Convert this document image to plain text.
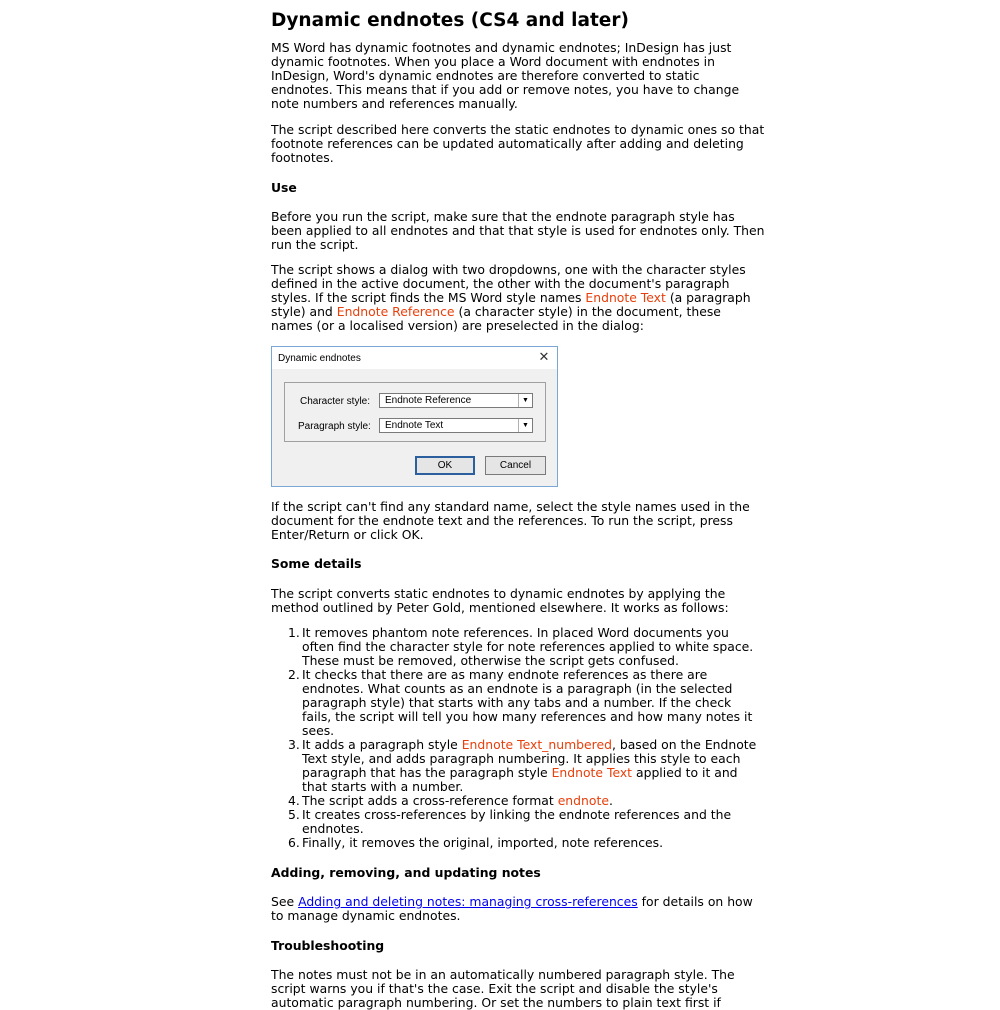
Dynamic endnotes (CS4 and later)
MS Word has dynamic footnotes and dynamic endnotes; InDesign has just
dynamic footnotes. When you place a Word document with endnotes in
InDesign, Word's dynamic endnotes are therefore converted to static
endnotes. This means that if you add or remove notes, you have to change
note numbers and references manually.
The script described here converts the static endnotes to dynamic ones so that
footnote references can be updated automatically after adding and deleting
footnotes.
Use
Before you run the script, make sure that the endnote paragraph style has
been applied to all endnotes and that that style is used for endnotes only. Then
run the script.
The script shows a dialog with two dropdowns, one with the character styles
defined in the active document, the other with the document's paragraph
styles. If the script finds the MS Word style names Endnote Text (a paragraph
style) and Endnote Reference (a character style) in the document, these
names (or a localised version) are preselected in the dialog:
Dynamic endnotes	✕
Character style: Endnote Reference	▼
Paragraph style: Endnote Text	▼
OK	Cancel
If the script can't find any standard name, select the style names used in the
document for the endnote text and the references. To run the script, press
Enter/Return or click OK.
Some details
The script converts static endnotes to dynamic endnotes by applying the
method outlined by Peter Gold, mentioned elsewhere. It works as follows:
1. It removes phantom note references. In placed Word documents you
often find the character style for note references applied to white space.
These must be removed, otherwise the script gets confused.
2. It checks that there are as many endnote references as there are
endnotes. What counts as an endnote is a paragraph (in the selected
paragraph style) that starts with any tabs and a number. If the check
fails, the script will tell you how many references and how many notes it
sees.
3. It adds a paragraph style Endnote Text_numbered, based on the Endnote
Text style, and adds paragraph numbering. It applies this style to each
paragraph that has the paragraph style Endnote Text applied to it and
that starts with a number.
4. The script adds a cross-reference format endnote.
5. It creates cross-references by linking the endnote references and the
endnotes.
6. Finally, it removes the original, imported, note references.
Adding, removing, and updating notes
See Adding and deleting notes: managing cross-references for details on how
to manage dynamic endnotes.
Troubleshooting
The notes must not be in an automatically numbered paragraph style. The
script warns you if that's the case. Exit the script and disable the style's
automatic paragraph numbering. Or set the numbers to plain text first if
